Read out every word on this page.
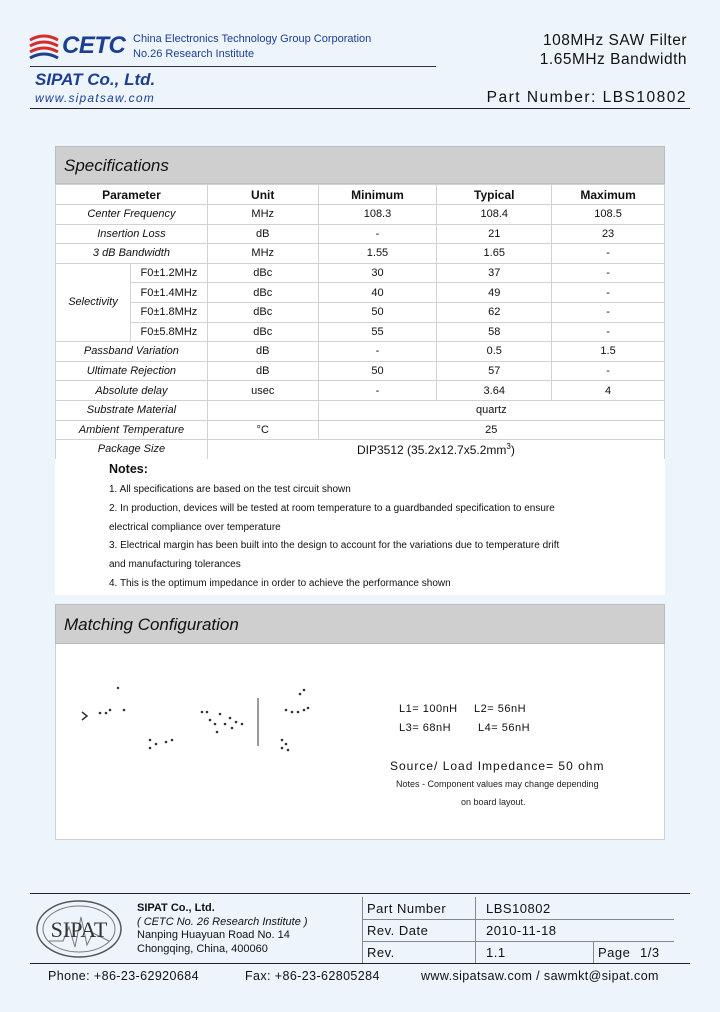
CETC China Electronics Technology Group Corporation
No.26 Research Institute
SIPAT Co., Ltd.
www.sipatsaw.com
108MHz SAW Filter
1.65MHz Bandwidth
Part Number: LBS10802
Specifications
Parameter		Unit	Minimum	Typical	Maximum
Center Frequency		MHz	108.3	108.4	108.5
Insertion Loss		dB	-	21	23
3 dB Bandwidth		MHz	1.55	1.65	-
Selectivity	F0±1.2MHz	dBc	30	37	-
	F0±1.4MHz	dBc	40	49	-
	F0±1.8MHz	dBc	50	62	-
	F0±5.8MHz	dBc	55	58	-
Passband Variation		dB	-	0.5	1.5
Ultimate Rejection		dB	50	57	-
Absolute delay		usec	-	3.64	4
Substrate Material			quartz		
Ambient Temperature		°C	25		
Package Size		DIP3512 $(35.2x12.7x5.2mm^3)$			
Notes:
1. All specifications are based on the test circuit shown
2. In production, devices will be tested at room temperature to a guardbanded specification to ensure
electrical compliance over temperature
3. Electrical margin has been built into the design to account for the variations due to temperature drift
and manufacturing tolerances
4. This is the optimum impedance in order to achieve the performance shown
Matching Configuration
L1= 100nH L2= 56nH
L3= 68nH L4= 56nH
Source/ Load Impedance= 50 ohm
Notes - Component values may change depending
on board layout.
SIPAT
SIPAT Co., Ltd.
( CETC No. 26 Research Institute )
Nanping Huayuan Road No. 14
Chongqing, China, 400060
Part Number	LBS10802
Rev. Date	2010-11-18
Rev.	1.1	Page 1/3
Phone: +86-23-62920684	Fax: +86-23-62805284	www.sipatsaw.com / sawmkt@sipat.com
